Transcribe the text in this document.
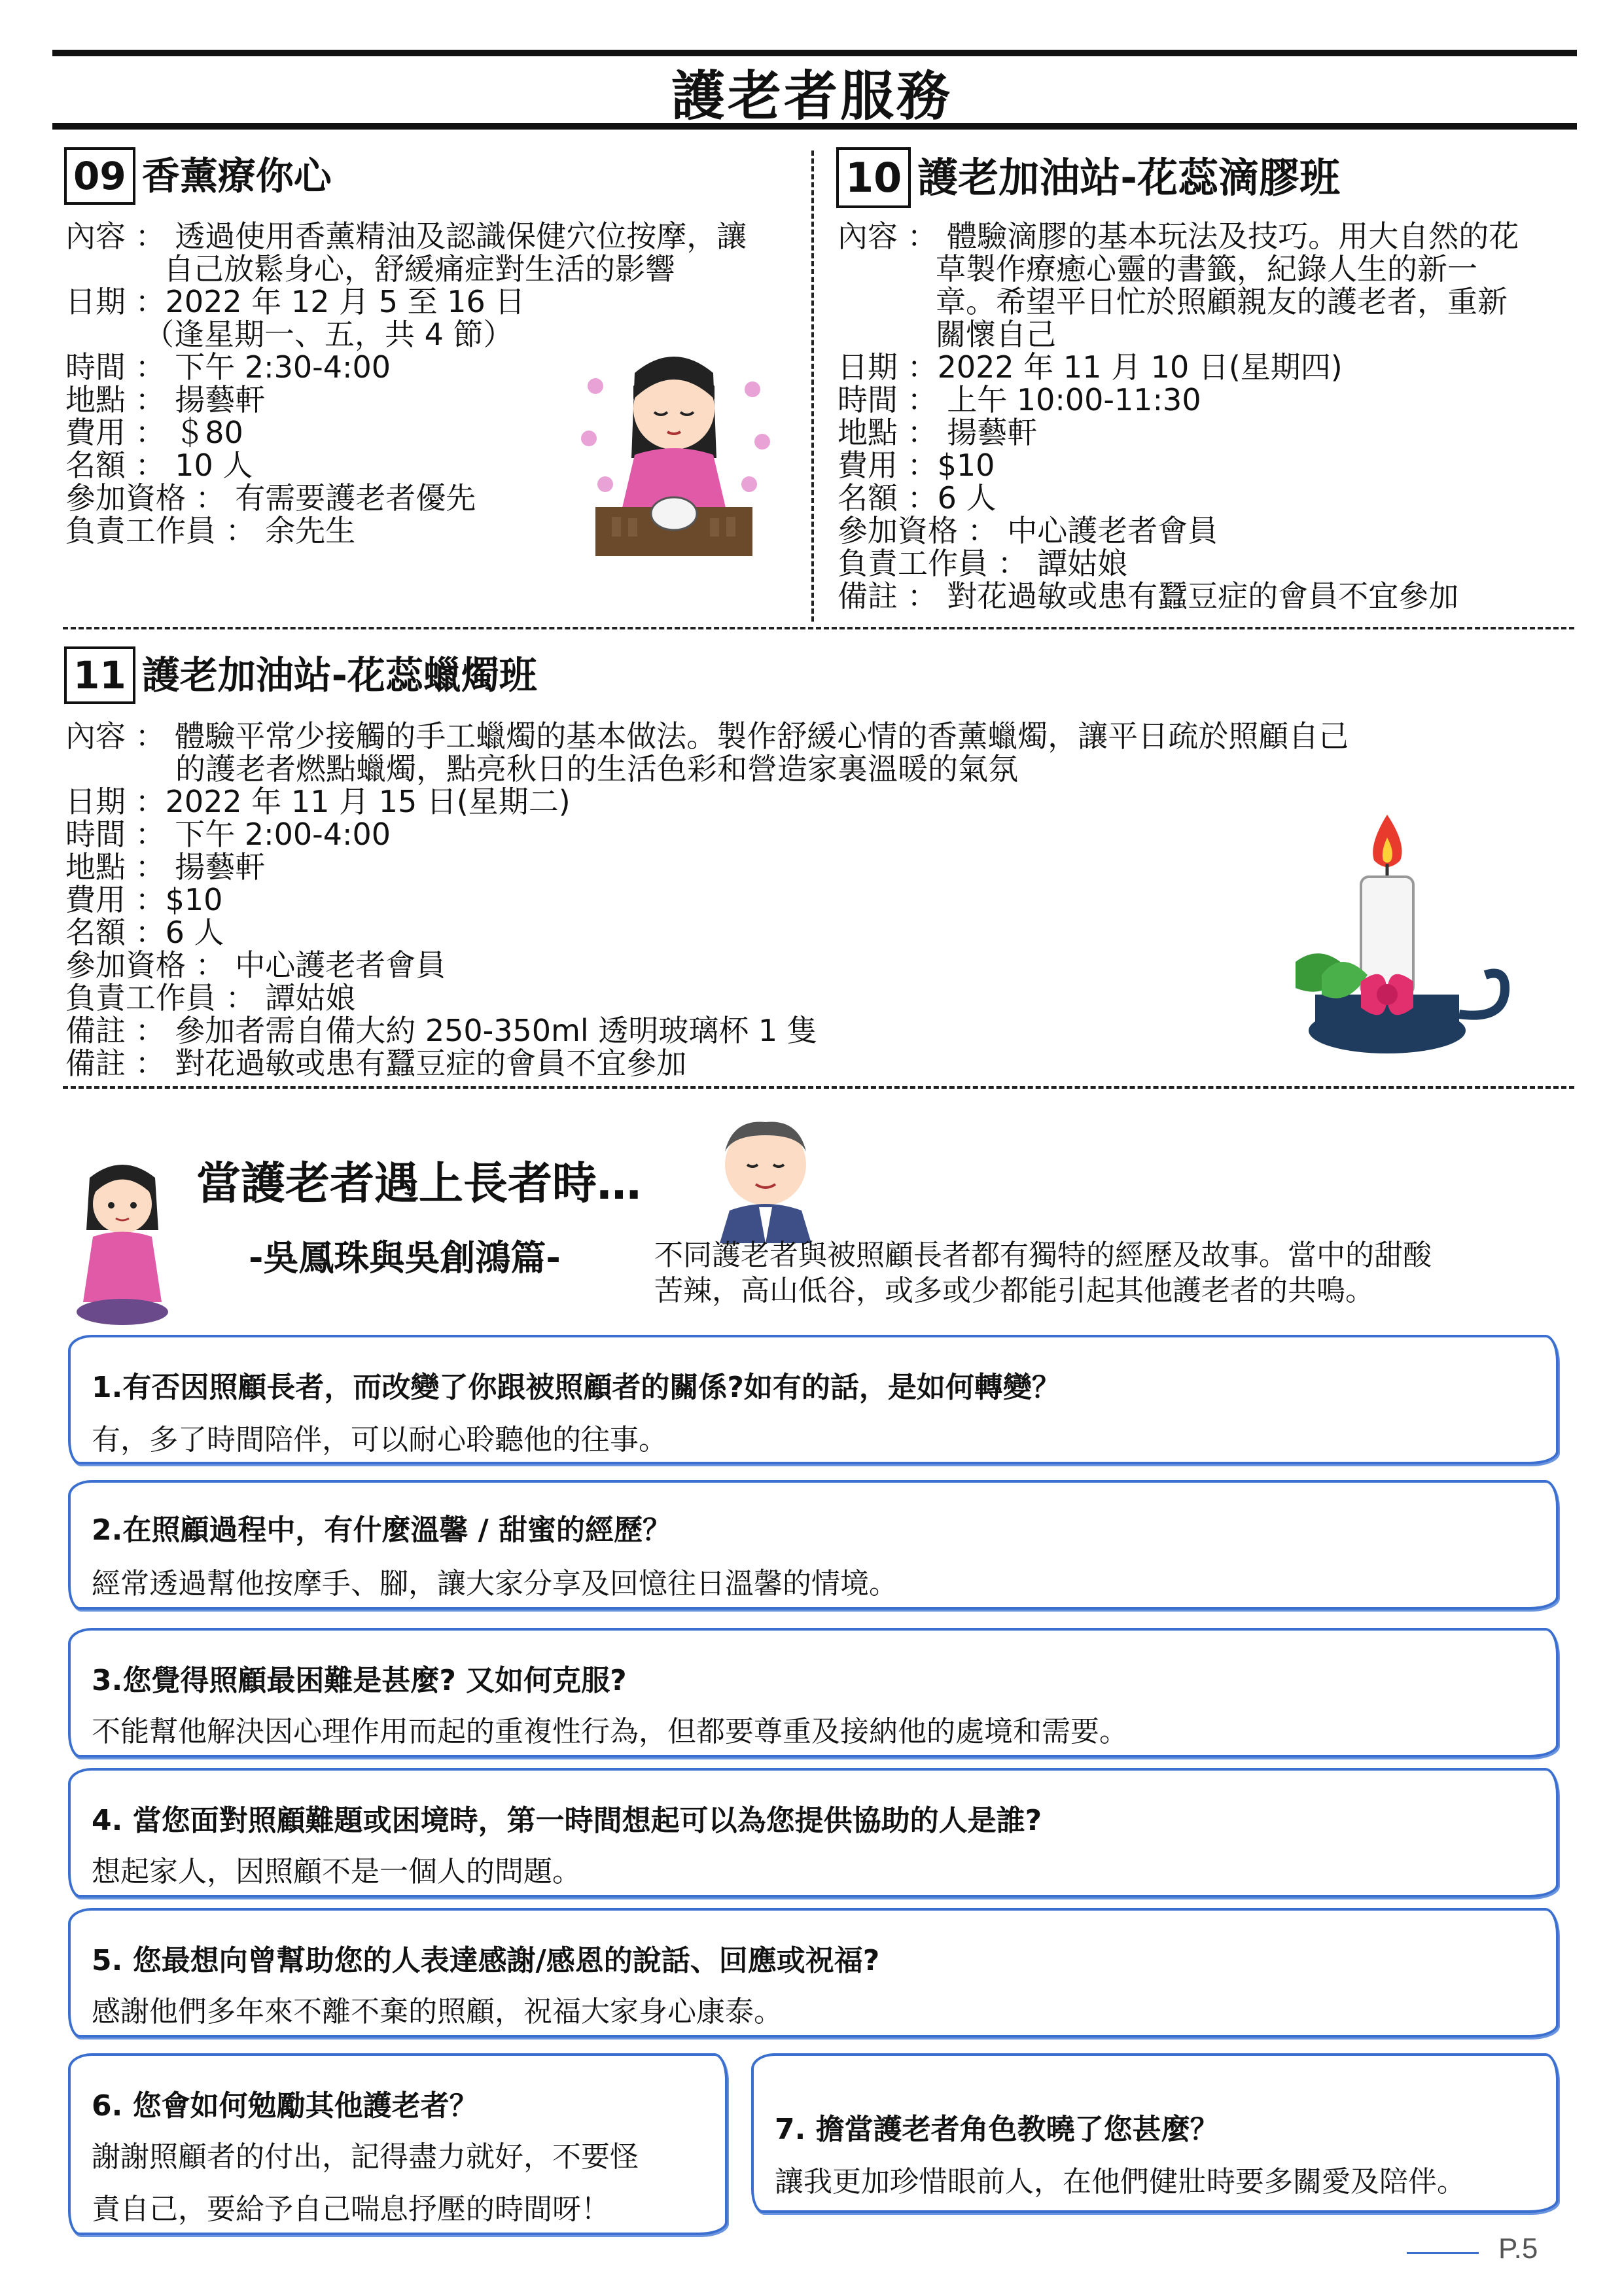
護老者服務
09 香薰療你心
內容 ： 透過使用香薰精油及認識保健穴位按摩，讓
自己放鬆身心，舒緩痛症對生活的影響
日期 ：2022 年 12 月 5 至 16 日
（逢星期一、五，共 4 節）
時間 ： 下午 2:30-4:00
地點 ： 揚藝軒
費用 ： ＄80
名額 ： 10 人
參加資格 ： 有需要護老者優先
負責工作員 ： 余先生
10 護老加油站-花蕊滴膠班
內容 ： 體驗滴膠的基本玩法及技巧。用大自然的花
草製作療癒心靈的書籤，紀錄人生的新一
章。希望平日忙於照顧親友的護老者，重新
關懷自己
日期 ：2022 年 11 月 10 日(星期四)
時間 ： 上午 10:00-11:30
地點 ： 揚藝軒
費用 ：$10
名額 ：6 人
參加資格 ： 中心護老者會員
負責工作員 ： 譚姑娘
備註 ： 對花過敏或患有蠶豆症的會員不宜參加
11 護老加油站-花蕊蠟燭班
內容 ： 體驗平常少接觸的手工蠟燭的基本做法。製作舒緩心情的香薰蠟燭，讓平日疏於照顧自己
的護老者燃點蠟燭，點亮秋日的生活色彩和營造家裏溫暖的氣氛
日期 ：2022 年 11 月 15 日(星期二)
時間 ： 下午 2:00-4:00
地點 ： 揚藝軒
費用 ：$10
名額 ：6 人
參加資格 ： 中心護老者會員
負責工作員 ： 譚姑娘
備註 ： 參加者需自備大約 250-350ml 透明玻璃杯 1 隻
備註 ： 對花過敏或患有蠶豆症的會員不宜參加
當護老者遇上長者時…
-吳鳳珠與吳創鴻篇-	不同護老者與被照顧長者都有獨特的經歷及故事。當中的甜酸
苦辣，高山低谷，或多或少都能引起其他護老者的共鳴。
1.有否因照顧長者，而改變了你跟被照顧者的關係?如有的話，是如何轉變？
有，多了時間陪伴，可以耐心聆聽他的往事。
2.在照顧過程中，有什麼溫馨 / 甜蜜的經歷？
經常透過幫他按摩手、腳，讓大家分享及回憶往日溫馨的情境。
3.您覺得照顧最困難是甚麼? 又如何克服?
不能幫他解決因心理作用而起的重複性行為，但都要尊重及接納他的處境和需要。
4. 當您面對照顧難題或困境時，第一時間想起可以為您提供協助的人是誰?
想起家人，因照顧不是一個人的問題。
5. 您最想向曾幫助您的人表達感謝/感恩的說話、回應或祝福?
感謝他們多年來不離不棄的照顧，祝福大家身心康泰。
6. 您會如何勉勵其他護老者？
謝謝照顧者的付出，記得盡力就好，不要怪
責自己，要給予自己喘息抒壓的時間呀！
7. 擔當護老者角色教曉了您甚麼？
讓我更加珍惜眼前人，在他們健壯時要多關愛及陪伴。
P.5
